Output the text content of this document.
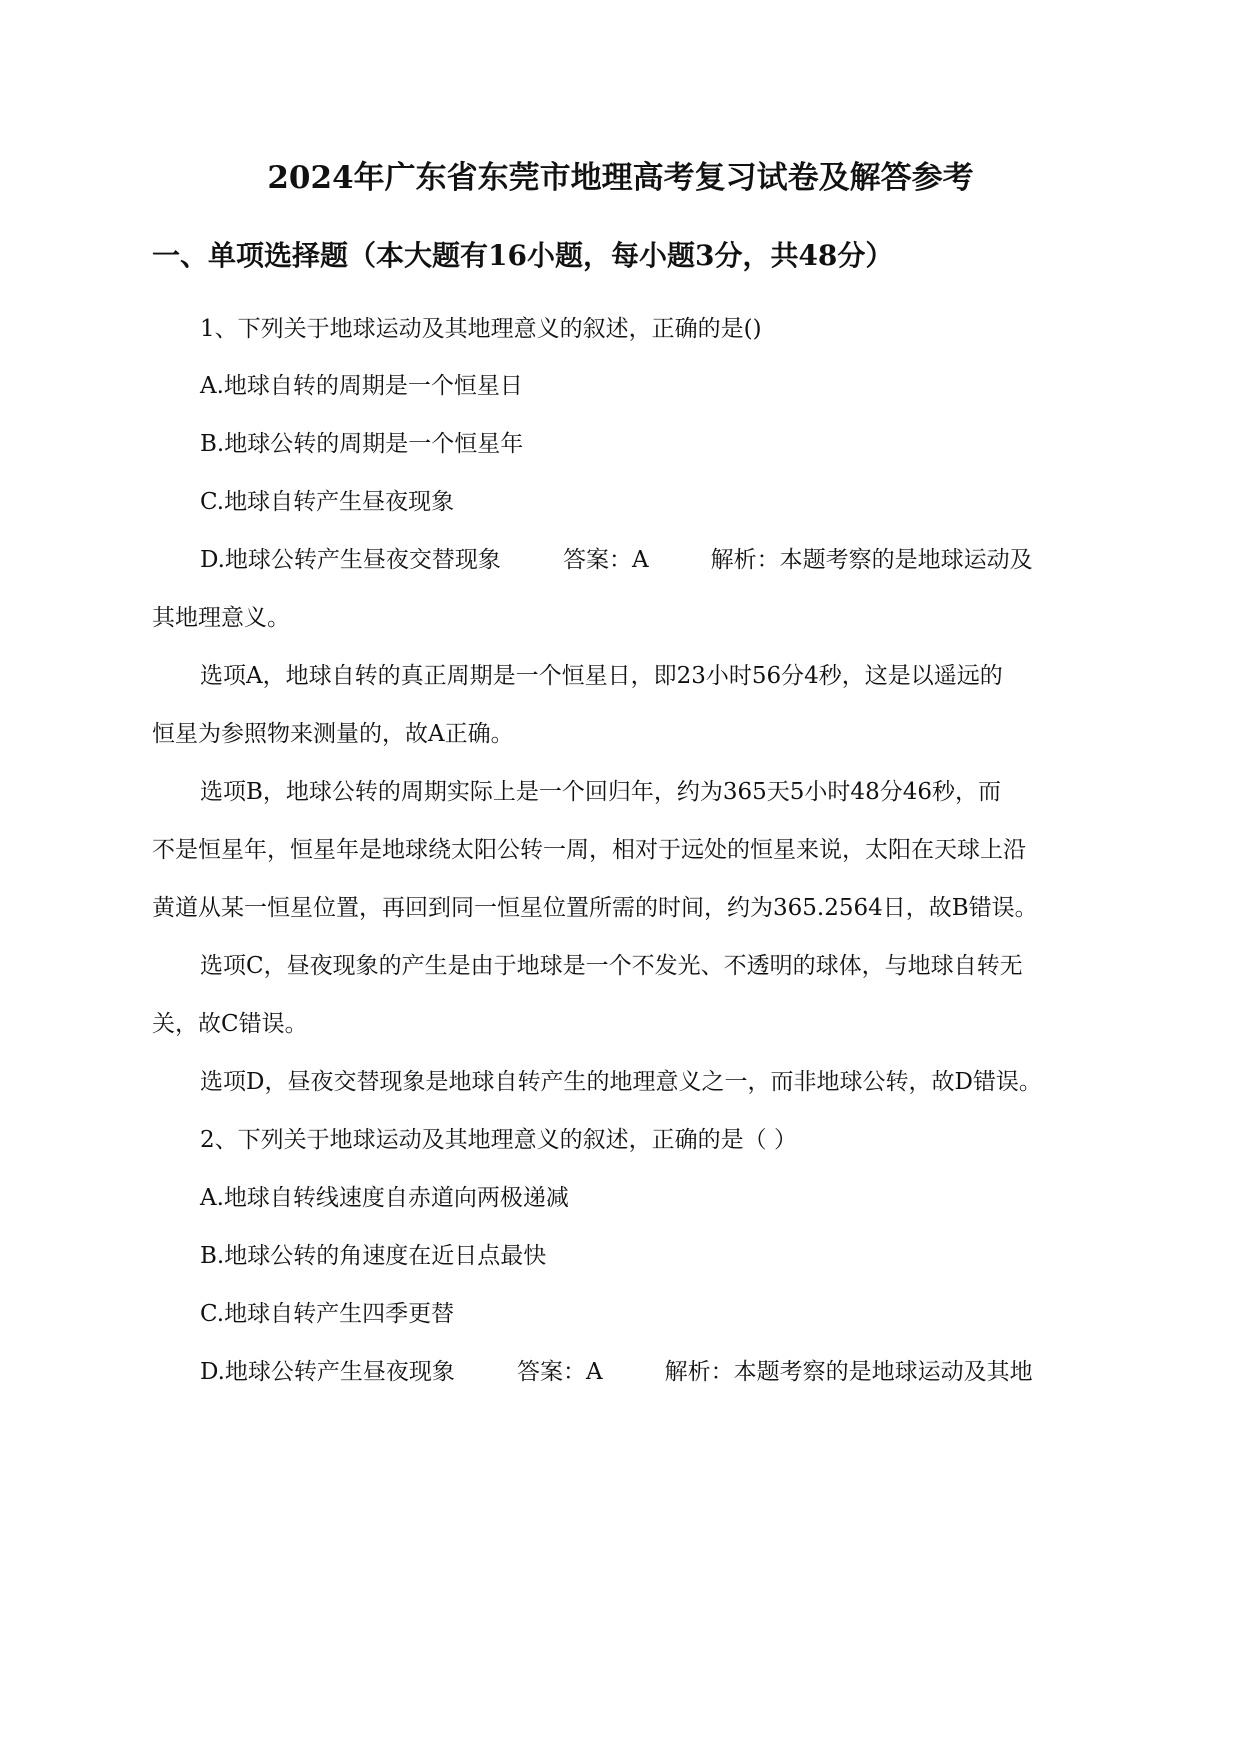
2024年广东省东莞市地理高考复习试卷及解答参考
一、单项选择题（本大题有16小题，每小题3分，共48分）
1、下列关于地球运动及其地理意义的叙述，正确的是()
A.地球自转的周期是一个恒星日
B.地球公转的周期是一个恒星年
C.地球自转产生昼夜现象
D.地球公转产生昼夜交替现象	答案：A	解析：本题考察的是地球运动及
其地理意义。
选项A，地球自转的真正周期是一个恒星日，即23小时56分4秒，这是以遥远的
恒星为参照物来测量的，故A正确。
选项B，地球公转的周期实际上是一个回归年，约为365天5小时48分46秒，而
不是恒星年，恒星年是地球绕太阳公转一周，相对于远处的恒星来说，太阳在天球上沿
黄道从某一恒星位置，再回到同一恒星位置所需的时间，约为365.2564日，故B错误。
选项C，昼夜现象的产生是由于地球是一个不发光、不透明的球体，与地球自转无
关，故C错误。
选项D，昼夜交替现象是地球自转产生的地理意义之一，而非地球公转，故D错误。
2、下列关于地球运动及其地理意义的叙述，正确的是（ ）
A.地球自转线速度自赤道向两极递减
B.地球公转的角速度在近日点最快
C.地球自转产生四季更替
D.地球公转产生昼夜现象	答案：A	解析：本题考察的是地球运动及其地
